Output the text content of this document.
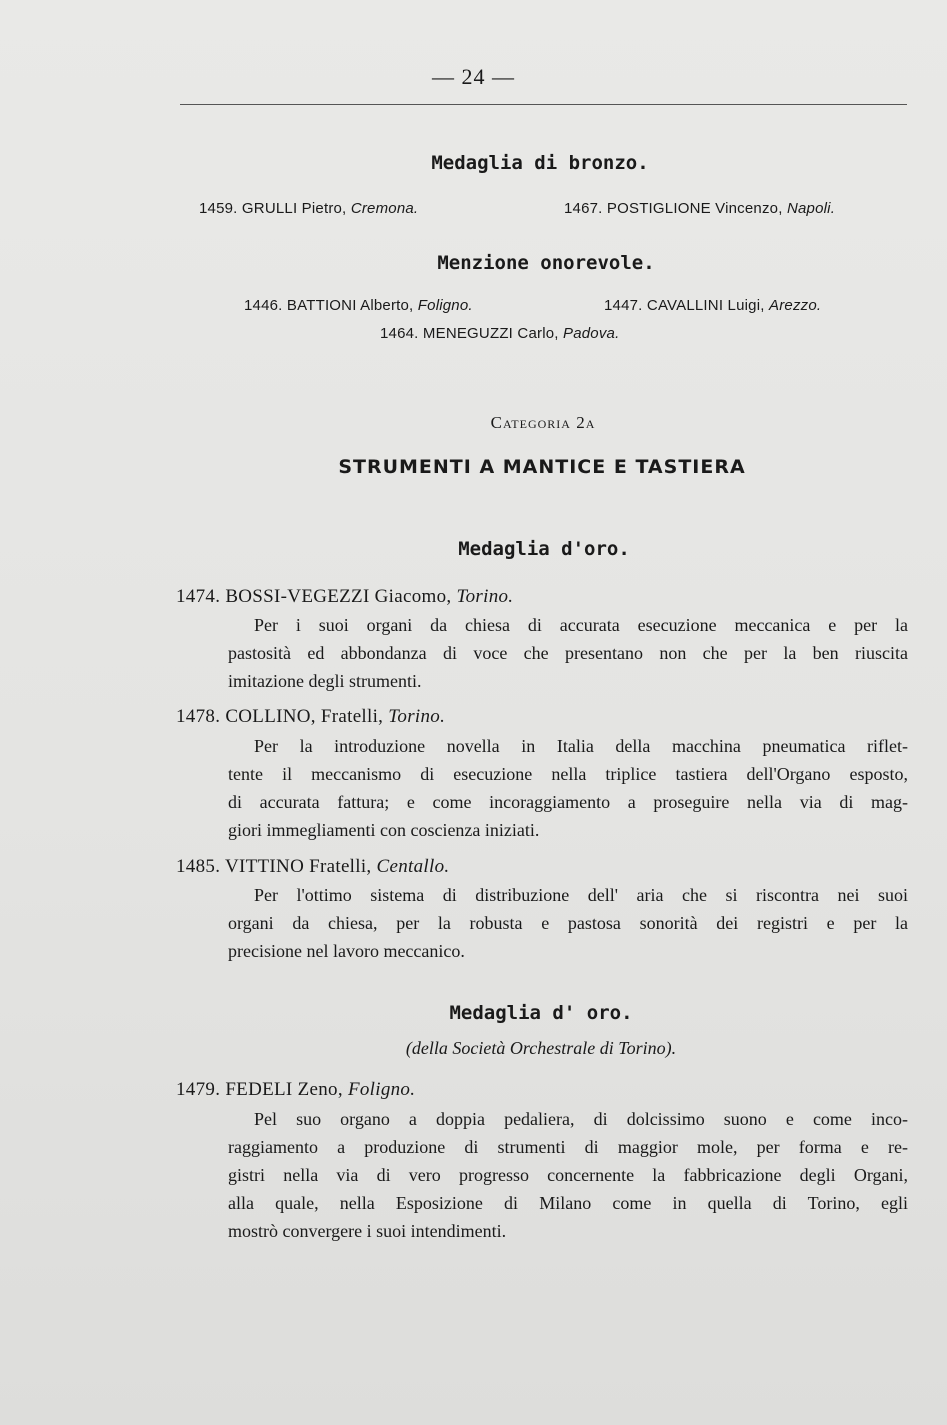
— 24 —
Medaglia di bronzo.
1459. GRULLI Pietro, Cremona.	1467. POSTIGLIONE Vincenzo, Napoli.
Menzione onorevole.
1446. BATTIONI Alberto, Foligno.	1447. CAVALLINI Luigi, Arezzo.
1464. MENEGUZZI Carlo, Padova.
Categoria 2a
STRUMENTI A MANTICE E TASTIERA
Medaglia d'oro.
1474. BOSSI-VEGEZZI Giacomo, Torino.
Per i suoi organi da chiesa di accurata esecuzione meccanica e per la
pastosità ed abbondanza di voce che presentano non che per la ben riuscita
imitazione degli strumenti.
1478. COLLINO, Fratelli, Torino.
Per la introduzione novella in Italia della macchina pneumatica riflet-
tente il meccanismo di esecuzione nella triplice tastiera dell'Organo esposto,
di accurata fattura; e come incoraggiamento a proseguire nella via di mag-
giori immegliamenti con coscienza iniziati.
1485. VITTINO Fratelli, Centallo.
Per l'ottimo sistema di distribuzione dell' aria che si riscontra nei suoi
organi da chiesa, per la robusta e pastosa sonorità dei registri e per la
precisione nel lavoro meccanico.
Medaglia d' oro.
(della Società Orchestrale di Torino).
1479. FEDELI Zeno, Foligno.
Pel suo organo a doppia pedaliera, di dolcissimo suono e come inco-
raggiamento a produzione di strumenti di maggior mole, per forma e re-
gistri nella via di vero progresso concernente la fabbricazione degli Organi,
alla quale, nella Esposizione di Milano come in quella di Torino, egli
mostrò convergere i suoi intendimenti.
